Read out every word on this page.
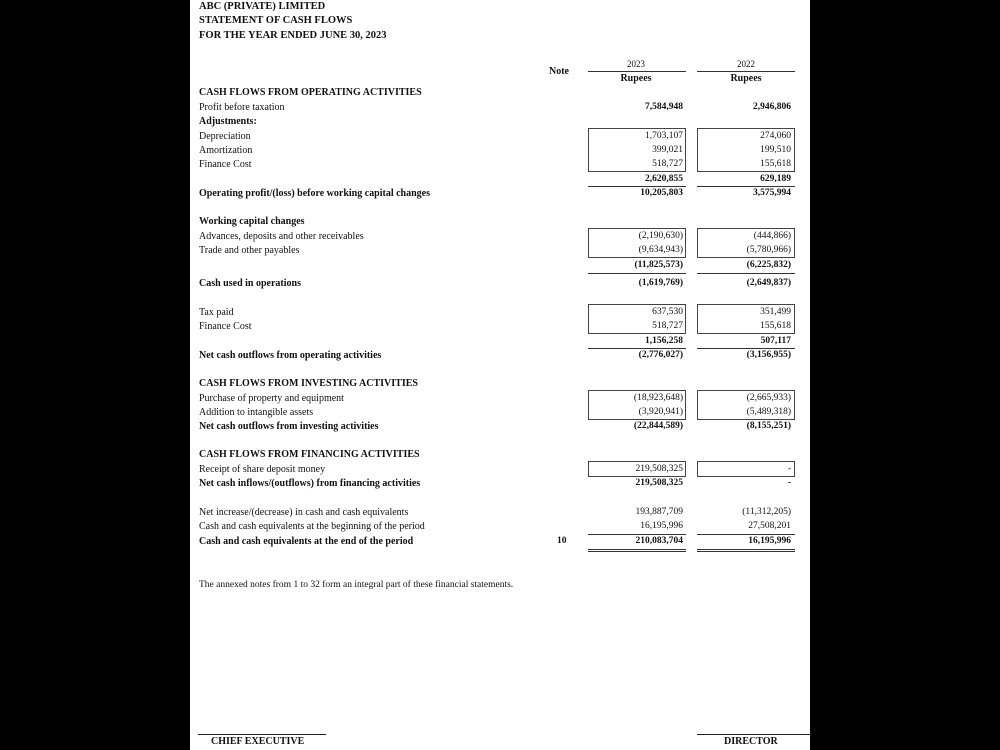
ABC (PRIVATE) LIMITED
STATEMENT OF CASH FLOWS
FOR THE YEAR ENDED JUNE 30, 2023
Note
2023	2022
Rupees	Rupees
CASH FLOWS FROM OPERATING ACTIVITIES
Profit before taxation	7,584,948	2,946,806
Adjustments:
Depreciation	1,703,107	274,060
Amortization	399,021	199,510
Finance Cost	518,727	155,618
2,620,855	629,189
Operating profit/(loss) before working capital changes	10,205,803	3,575,994
Working capital changes
Advances, deposits and other receivables	(2,190,630)	(444,866)
Trade and other payables	(9,634,943)	(5,780,966)
(11,825,573)	(6,225,832)
Cash used in operations	(1,619,769)	(2,649,837)
Tax paid	637,530	351,499
Finance Cost	518,727	155,618
1,156,258	507,117
Net cash outflows from operating activities	(2,776,027)	(3,156,955)
CASH FLOWS FROM INVESTING ACTIVITIES
Purchase of property and equipment	(18,923,648)	(2,665,933)
Addition to intangible assets	(3,920,941)	(5,489,318)
Net cash outflows from investing activities	(22,844,589)	(8,155,251)
CASH FLOWS FROM FINANCING ACTIVITIES
Receipt of share deposit money	219,508,325	-
Net cash inflows/(outflows) from financing activities	219,508,325	-
Net increase/(decrease) in cash and cash equivalents	193,887,709	(11,312,205)
Cash and cash equivalents at the beginning of the period	16,195,996	27,508,201
Cash and cash equivalents at the end of the period	10	210,083,704	16,195,996
The annexed notes from 1 to 32 form an integral part of these financial statements.
CHIEF EXECUTIVE	DIRECTOR
